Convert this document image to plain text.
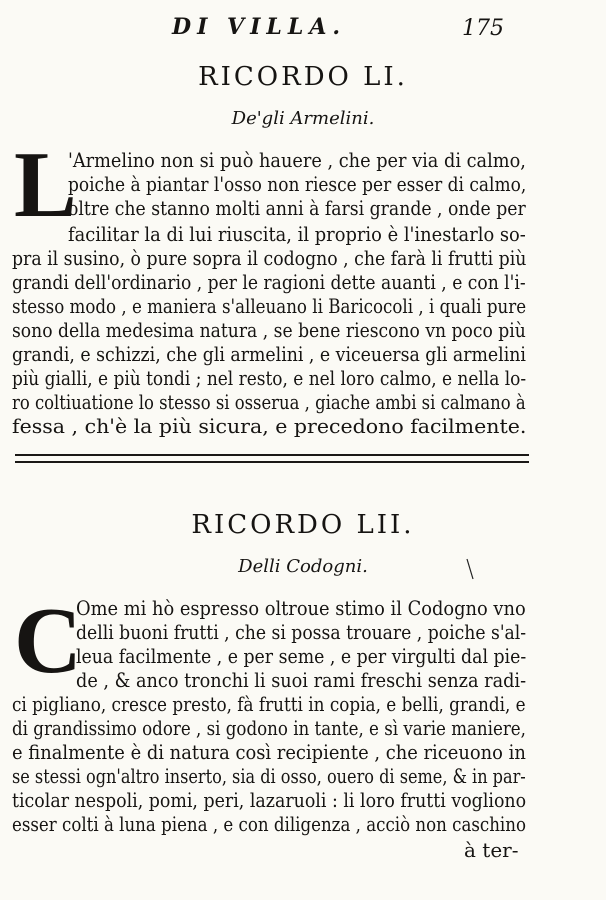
DI VILLA.	175
RICORDO LI.
De'gli Armelini.
L
'Armelino non si può hauere , che per via di calmo,
poiche à piantar l'osso non riesce per esser di calmo,
oltre che stanno molti anni à farsi grande , onde per
facilitar la di lui riuscita, il proprio è l'inestarlo so-
pra il susino, ò pure sopra il codogno , che farà li frutti più
grandi dell'ordinario , per le ragioni dette auanti , e con l'i-
stesso modo , e maniera s'alleuano li Baricocoli , i quali pure
sono della medesima natura , se bene riescono vn poco più
grandi, e schizzi, che gli armelini , e viceuersa gli armelini
più gialli, e più tondi ; nel resto, e nel loro calmo, e nella lo-
ro coltiuatione lo stesso si osserua , giache ambi si calmano à
fessa , ch'è la più sicura, e precedono facilmente.
RICORDO LII.
Delli Codogni.
C
Ome mi hò espresso oltroue stimo il Codogno vno
delli buoni frutti , che si possa trouare , poiche s'al-
leua facilmente , e per seme , e per virgulti dal pie-
de , & anco tronchi li suoi rami freschi senza radi-
ci pigliano, cresce presto, fà frutti in copia, e belli, grandi, e
di grandissimo odore , si godono in tante, e sì varie maniere,
e finalmente è di natura così recipiente , che riceuono in
se stessi ogn'altro inserto, sia di osso, ouero di seme, & in par-
ticolar nespoli, pomi, peri, lazaruoli : li loro frutti vogliono
esser colti à luna piena , e con diligenza , acciò non caschino
à ter-
